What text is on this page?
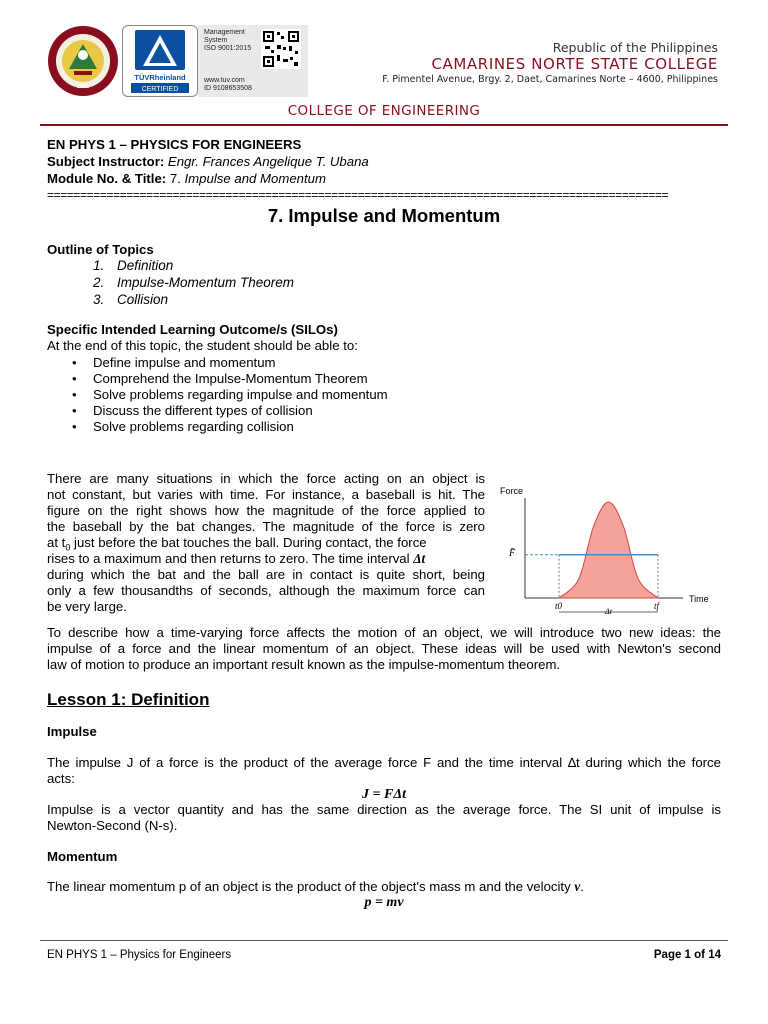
1992
TÜVRheinland
CERTIFIED
Management
System
ISO 9001:2015
www.tuv.com
ID 9108653508
Republic of the Philippines
CAMARINES NORTE STATE COLLEGE
F. Pimentel Avenue, Brgy. 2, Daet, Camarines Norte – 4600, Philippines
COLLEGE OF ENGINEERING
EN PHYS 1 – PHYSICS FOR ENGINEERS
Subject Instructor: Engr. Frances Angelique T. Ubana
Module No. & Title: 7. Impulse and Momentum
==============================================================================================
7. Impulse and Momentum
Outline of Topics
1. Definition
2. Impulse-Momentum Theorem
3. Collision
Specific Intended Learning Outcome/s (SILOs)
At the end of this topic, the student should be able to:
• Define impulse and momentum
• Comprehend the Impulse-Momentum Theorem
• Solve problems regarding impulse and momentum
• Discuss the different types of collision
• Solve problems regarding collision
There are many situations in which the force acting on an object is
not constant, but varies with time. For instance, a baseball is hit. The
figure on the right shows how the magnitude of the force applied to
the baseball by the bat changes. The magnitude of the force is zero
at $t_0$ just before the bat touches the ball. During contact, the force
rises to a maximum and then returns to zero. The time interval Δt
during which the bat and the ball are in contact is quite short, being
only a few thousandths of seconds, although the maximum force can
be very large.
Force
F̄
t0	tf
Δt
Time
To describe how a time-varying force affects the motion of an object, we will introduce two new ideas: the
impulse of a force and the linear momentum of an object. These ideas will be used with Newton's second
law of motion to produce an important result known as the impulse-momentum theorem.
Lesson 1: Definition
Impulse
The impulse J of a force is the product of the average force F and the time interval ∆t during which the force
acts:
J = FΔt
Impulse is a vector quantity and has the same direction as the average force. The SI unit of impulse is
Newton-Second (N-s).
Momentum
The linear momentum p of an object is the product of the object's mass m and the velocity v.
p = mv
EN PHYS 1 – Physics for Engineers	Page 1 of 14
